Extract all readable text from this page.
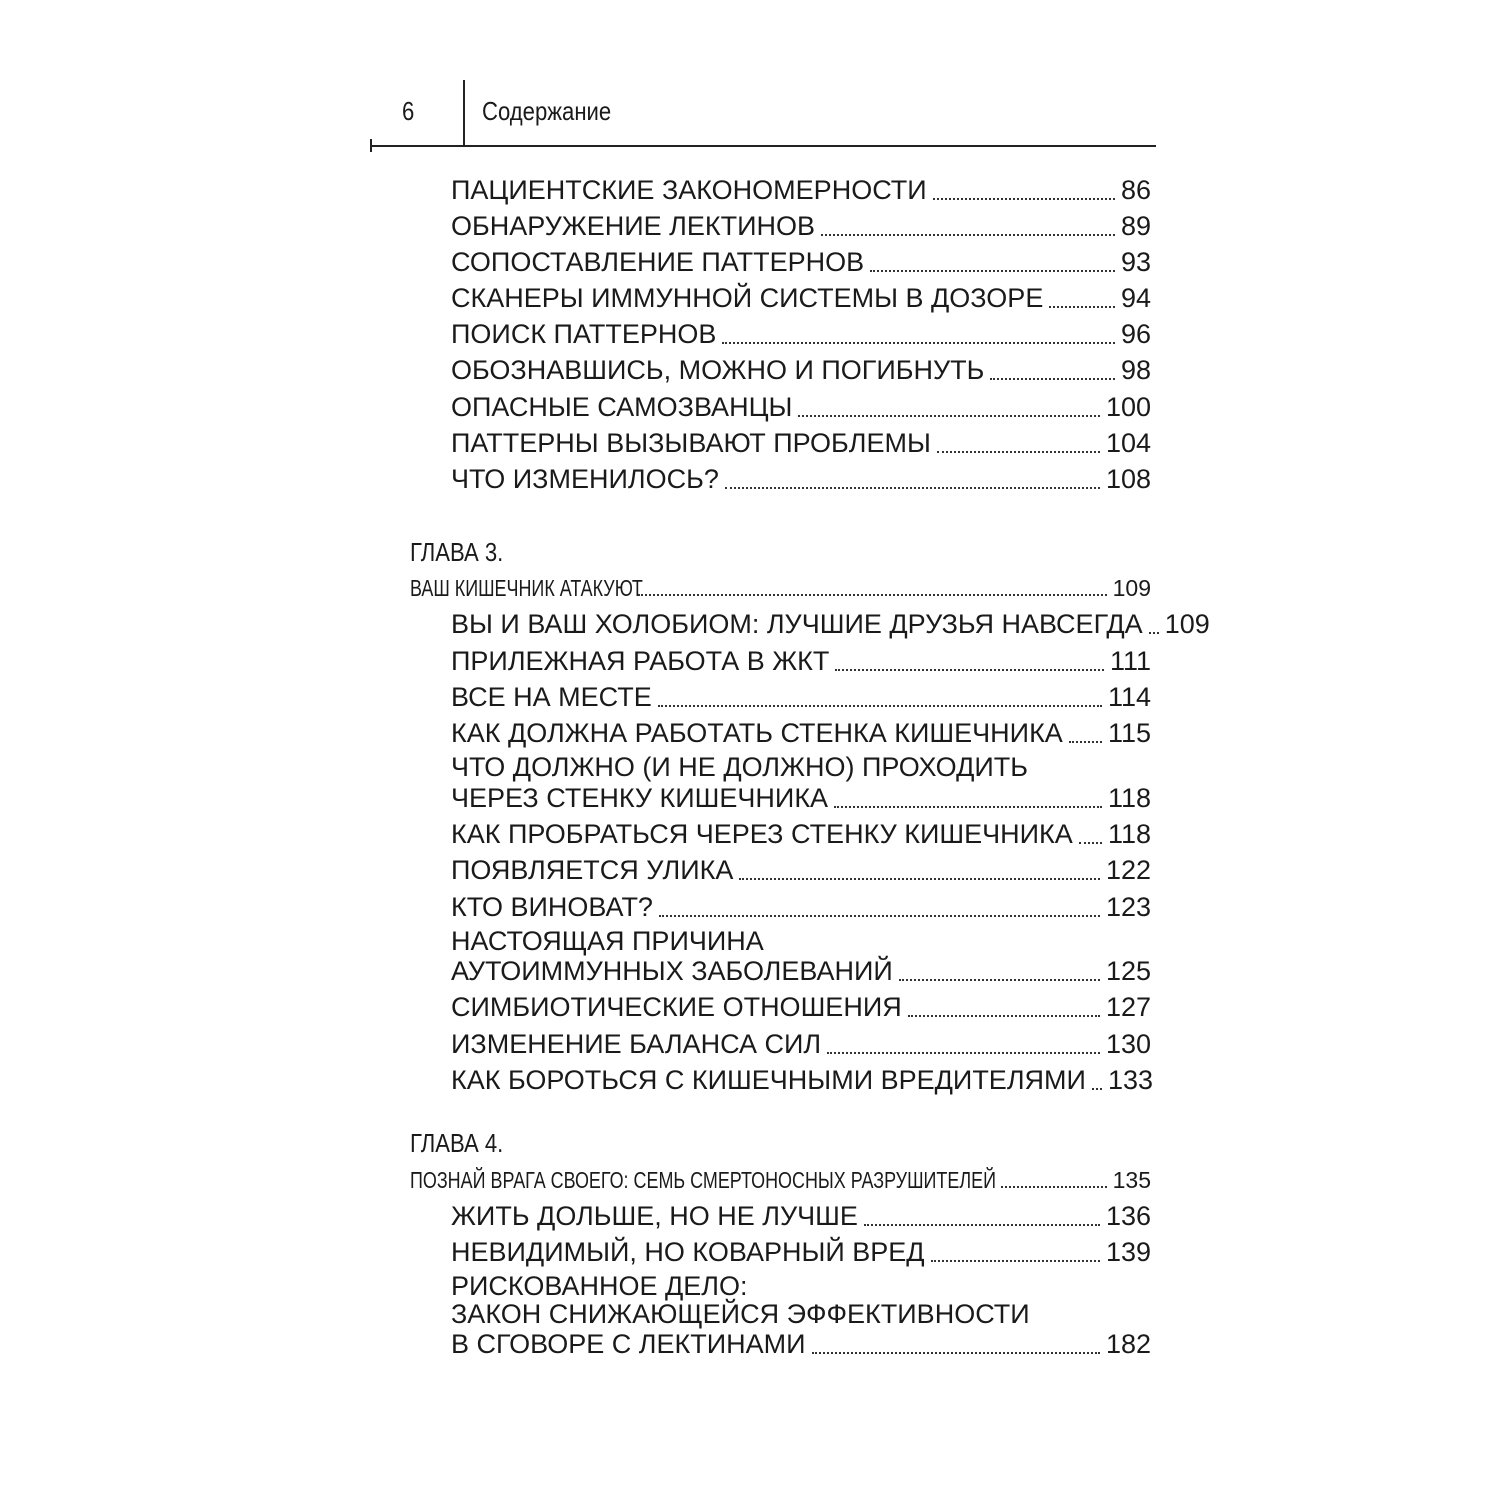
6	Содержание
ПАЦИЕНТСКИЕ ЗАКОНОМЕРНОСТИ	86
ОБНАРУЖЕНИЕ ЛЕКТИНОВ	89
СОПОСТАВЛЕНИЕ ПАТТЕРНОВ	93
СКАНЕРЫ ИММУННОЙ СИСТЕМЫ В ДОЗОРЕ	94
ПОИСК ПАТТЕРНОВ	96
ОБОЗНАВШИСЬ, МОЖНО И ПОГИБНУТЬ	98
ОПАСНЫЕ САМОЗВАНЦЫ	100
ПАТТЕРНЫ ВЫЗЫВАЮТ ПРОБЛЕМЫ	104
ЧТО ИЗМЕНИЛОСЬ?	108
ГЛАВА 3.
ВАШ КИШЕЧНИК АТАКУЮТ	109
ВЫ И ВАШ ХОЛОБИОМ: ЛУЧШИЕ ДРУЗЬЯ НАВСЕГДА 109
ПРИЛЕЖНАЯ РАБОТА В ЖКТ	111
ВСЕ НА МЕСТЕ	114
КАК ДОЛЖНА РАБОТАТЬ СТЕНКА КИШЕЧНИКА 115
ЧТО ДОЛЖНО (И НЕ ДОЛЖНО) ПРОХОДИТЬ
ЧЕРЕЗ СТЕНКУ КИШЕЧНИКА	118
КАК ПРОБРАТЬСЯ ЧЕРЕЗ СТЕНКУ КИШЕЧНИКА 118
ПОЯВЛЯЕТСЯ УЛИКА	122
КТО ВИНОВАТ?	123
НАСТОЯЩАЯ ПРИЧИНА
АУТОИММУННЫХ ЗАБОЛЕВАНИЙ	125
СИМБИОТИЧЕСКИЕ ОТНОШЕНИЯ	127
ИЗМЕНЕНИЕ БАЛАНСА СИЛ	130
КАК БОРОТЬСЯ С КИШЕЧНЫМИ ВРЕДИТЕЛЯМИ 133
ГЛАВА 4.
ПОЗНАЙ ВРАГА СВОЕГО: СЕМЬ СМЕРТОНОСНЫХ РАЗРУШИТЕЛЕЙ	135
ЖИТЬ ДОЛЬШЕ, НО НЕ ЛУЧШЕ	136
НЕВИДИМЫЙ, НО КОВАРНЫЙ ВРЕД	139
РИСКОВАННОЕ ДЕЛО:
ЗАКОН СНИЖАЮЩЕЙСЯ ЭФФЕКТИВНОСТИ
В СГОВОРЕ С ЛЕКТИНАМИ	182
